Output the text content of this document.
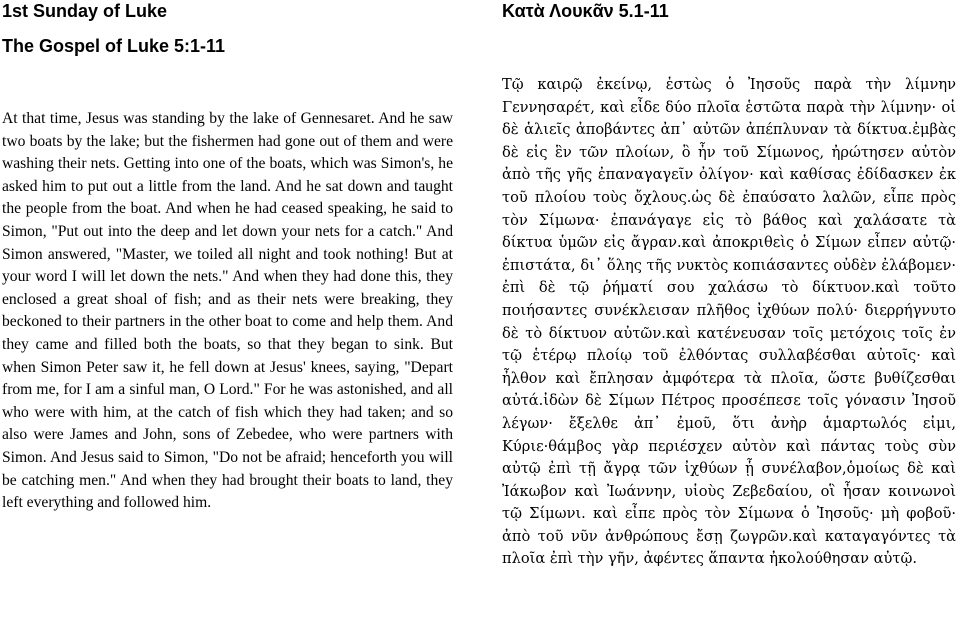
1st Sunday of Luke
The Gospel of Luke 5:1-11

At that time, Jesus was standing by the lake of Gennesaret. And he saw two boats by the lake; but the fishermen had gone out of them and were washing their nets. Getting into one of the boats, which was Simon's, he asked him to put out a little from the land. And he sat down and taught the people from the boat. And when he had ceased speaking, he said to Simon, "Put out into the deep and let down your nets for a catch." And Simon answered, "Master, we toiled all night and took nothing! But at your word I will let down the nets." And when they had done this, they enclosed a great shoal of fish; and as their nets were breaking, they beckoned to their partners in the other boat to come and help them. And they came and filled both the boats, so that they began to sink. But when Simon Peter saw it, he fell down at Jesus' knees, saying, "Depart from me, for I am a sinful man, O Lord." For he was astonished, and all who were with him, at the catch of fish which they had taken; and so also were James and John, sons of Zebedee, who were partners with Simon. And Jesus said to Simon, "Do not be afraid; henceforth you will be catching men." And when they had brought their boats to land, they left everything and followed him.

Κατὰ Λουκᾶν 5.1-11

Τῷ καιρῷ ἐκείνῳ, ἑστὼς ὁ Ἰησοῦς παρὰ τὴν λίμνην Γεννησαρέτ, καὶ εἶδε δύο πλοῖα ἑστῶτα παρὰ τὴν λίμνην· οἱ δὲ ἁλιεῖς ἀποβάντες ἀπ᾿ αὐτῶν ἀπέπλυναν τὰ δίκτυα.ἐμβὰς δὲ εἰς ἓν τῶν πλοίων, ὃ ἦν τοῦ Σίμωνος, ἠρώτησεν αὐτὸν ἀπὸ τῆς γῆς ἐπαναγαγεῖν ὀλίγον· καὶ καθίσας ἐδίδασκεν ἐκ τοῦ πλοίου τοὺς ὄχλους.ὡς δὲ ἐπαύσατο λαλῶν, εἶπε πρὸς τὸν Σίμωνα· ἐπανάγαγε εἰς τὸ βάθος καὶ χαλάσατε τὰ δίκτυα ὑμῶν εἰς ἄγραν.καὶ ἀποκριθεὶς ὁ Σίμων εἶπεν αὐτῷ· ἐπιστάτα, δι᾿ ὅλης τῆς νυκτὸς κοπιάσαντες οὐδὲν ἐλάβομεν· ἐπὶ δὲ τῷ ῥήματί σου χαλάσω τὸ δίκτυον.καὶ τοῦτο ποιήσαντες συνέκλεισαν πλῆθος ἰχθύων πολύ· διερρήγνυτο δὲ τὸ δίκτυον αὐτῶν.καὶ κατένευσαν τοῖς μετόχοις τοῖς ἐν τῷ ἑτέρῳ πλοίῳ τοῦ ἐλθόντας συλλαβέσθαι αὐτοῖς· καὶ ἦλθον καὶ ἔπλησαν ἀμφότερα τὰ πλοῖα, ὥστε βυθίζεσθαι αὐτά.ἰδὼν δὲ Σίμων Πέτρος προσέπεσε τοῖς γόνασιν Ἰησοῦ λέγων· ἔξελθε ἀπ᾿ ἐμοῦ, ὅτι ἀνὴρ ἁμαρτωλός εἰμι, Κύριε·θάμβος γὰρ περιέσχεν αὐτὸν καὶ πάντας τοὺς σὺν αὐτῷ ἐπὶ τῇ ἄγρᾳ τῶν ἰχθύων ᾗ συνέλαβον,ὁμοίως δὲ καὶ Ἰάκωβον καὶ Ἰωάννην, υἱοὺς Ζεβεδαίου, οἳ ἦσαν κοινωνοὶ τῷ Σίμωνι. καὶ εἶπε πρὸς τὸν Σίμωνα ὁ Ἰησοῦς· μὴ φοβοῦ· ἀπὸ τοῦ νῦν ἀνθρώπους ἔσῃ ζωγρῶν.καὶ καταγαγόντες τὰ πλοῖα ἐπὶ τὴν γῆν, ἀφέντες ἅπαντα ἠκολούθησαν αὐτῷ.
